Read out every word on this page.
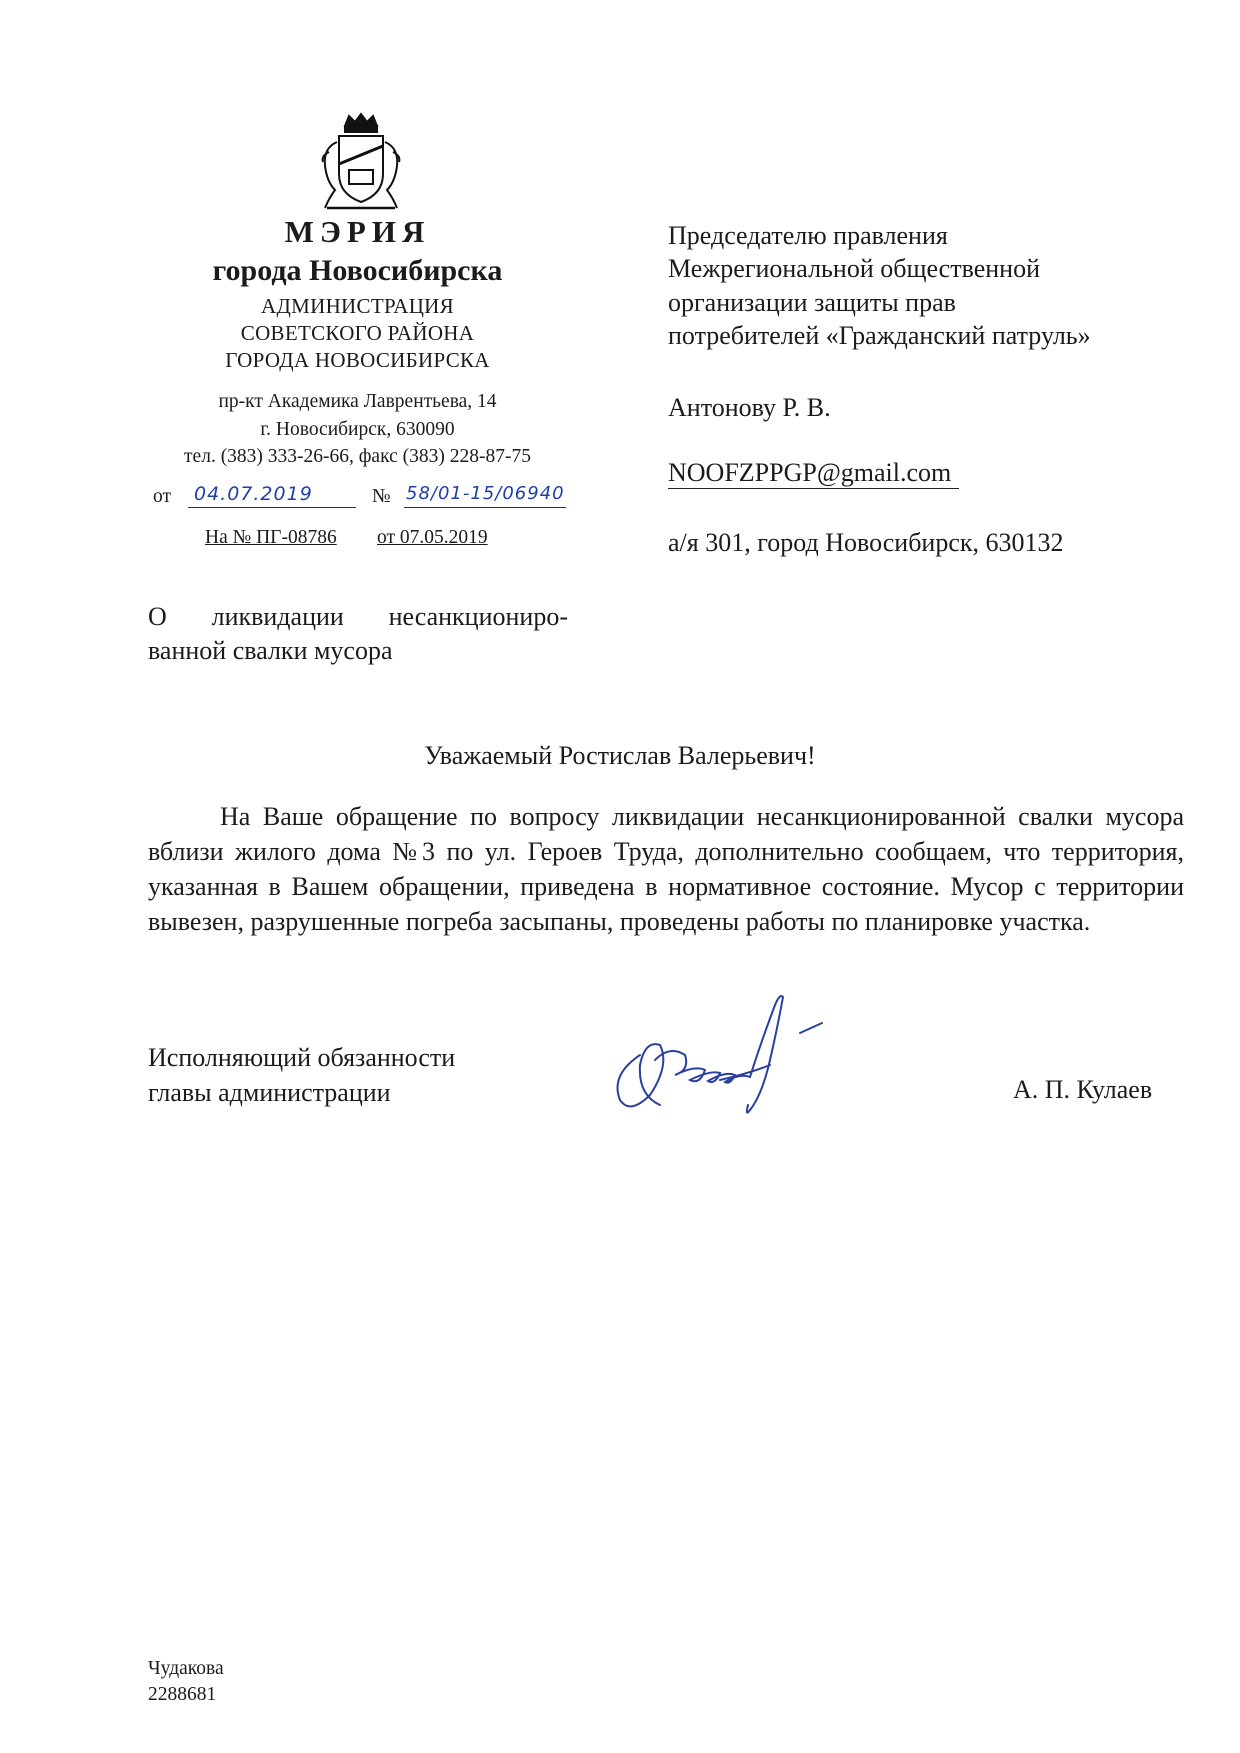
МЭРИЯ
города Новосибирска
АДМИНИСТРАЦИЯ
СОВЕТСКОГО РАЙОНА
ГОРОДА НОВОСИБИРСКА
пр-кт Академика Лаврентьева, 14
г. Новосибирск, 630090
тел. (383) 333-26-66, факс (383) 228-87-75
от 04.07.2019	№ 58/01-15/06940
На № ПГ-08786 от 07.05.2019
Председателю правления
Межрегиональной общественной
организации защиты прав
потребителей «Гражданский патруль»
Антонову Р. В.
NOOFZPPGP@gmail.com
а/я 301, город Новосибирск, 630132
О ликвидации несанкциониро-ванной свалки мусора
Уважаемый Ростислав Валерьевич!
На Ваше обращение по вопросу ликвидации несанкционированной свалки мусора вблизи жилого дома №3 по ул. Героев Труда, дополнительно сообщаем, что территория, указанная в Вашем обращении, приведена в нормативное состояние. Мусор с территории вывезен, разрушенные погреба засыпаны, проведены работы по планировке участка.
Исполняющий обязанности
главы администрации	А. П. Кулаев
Чудакова
2288681
